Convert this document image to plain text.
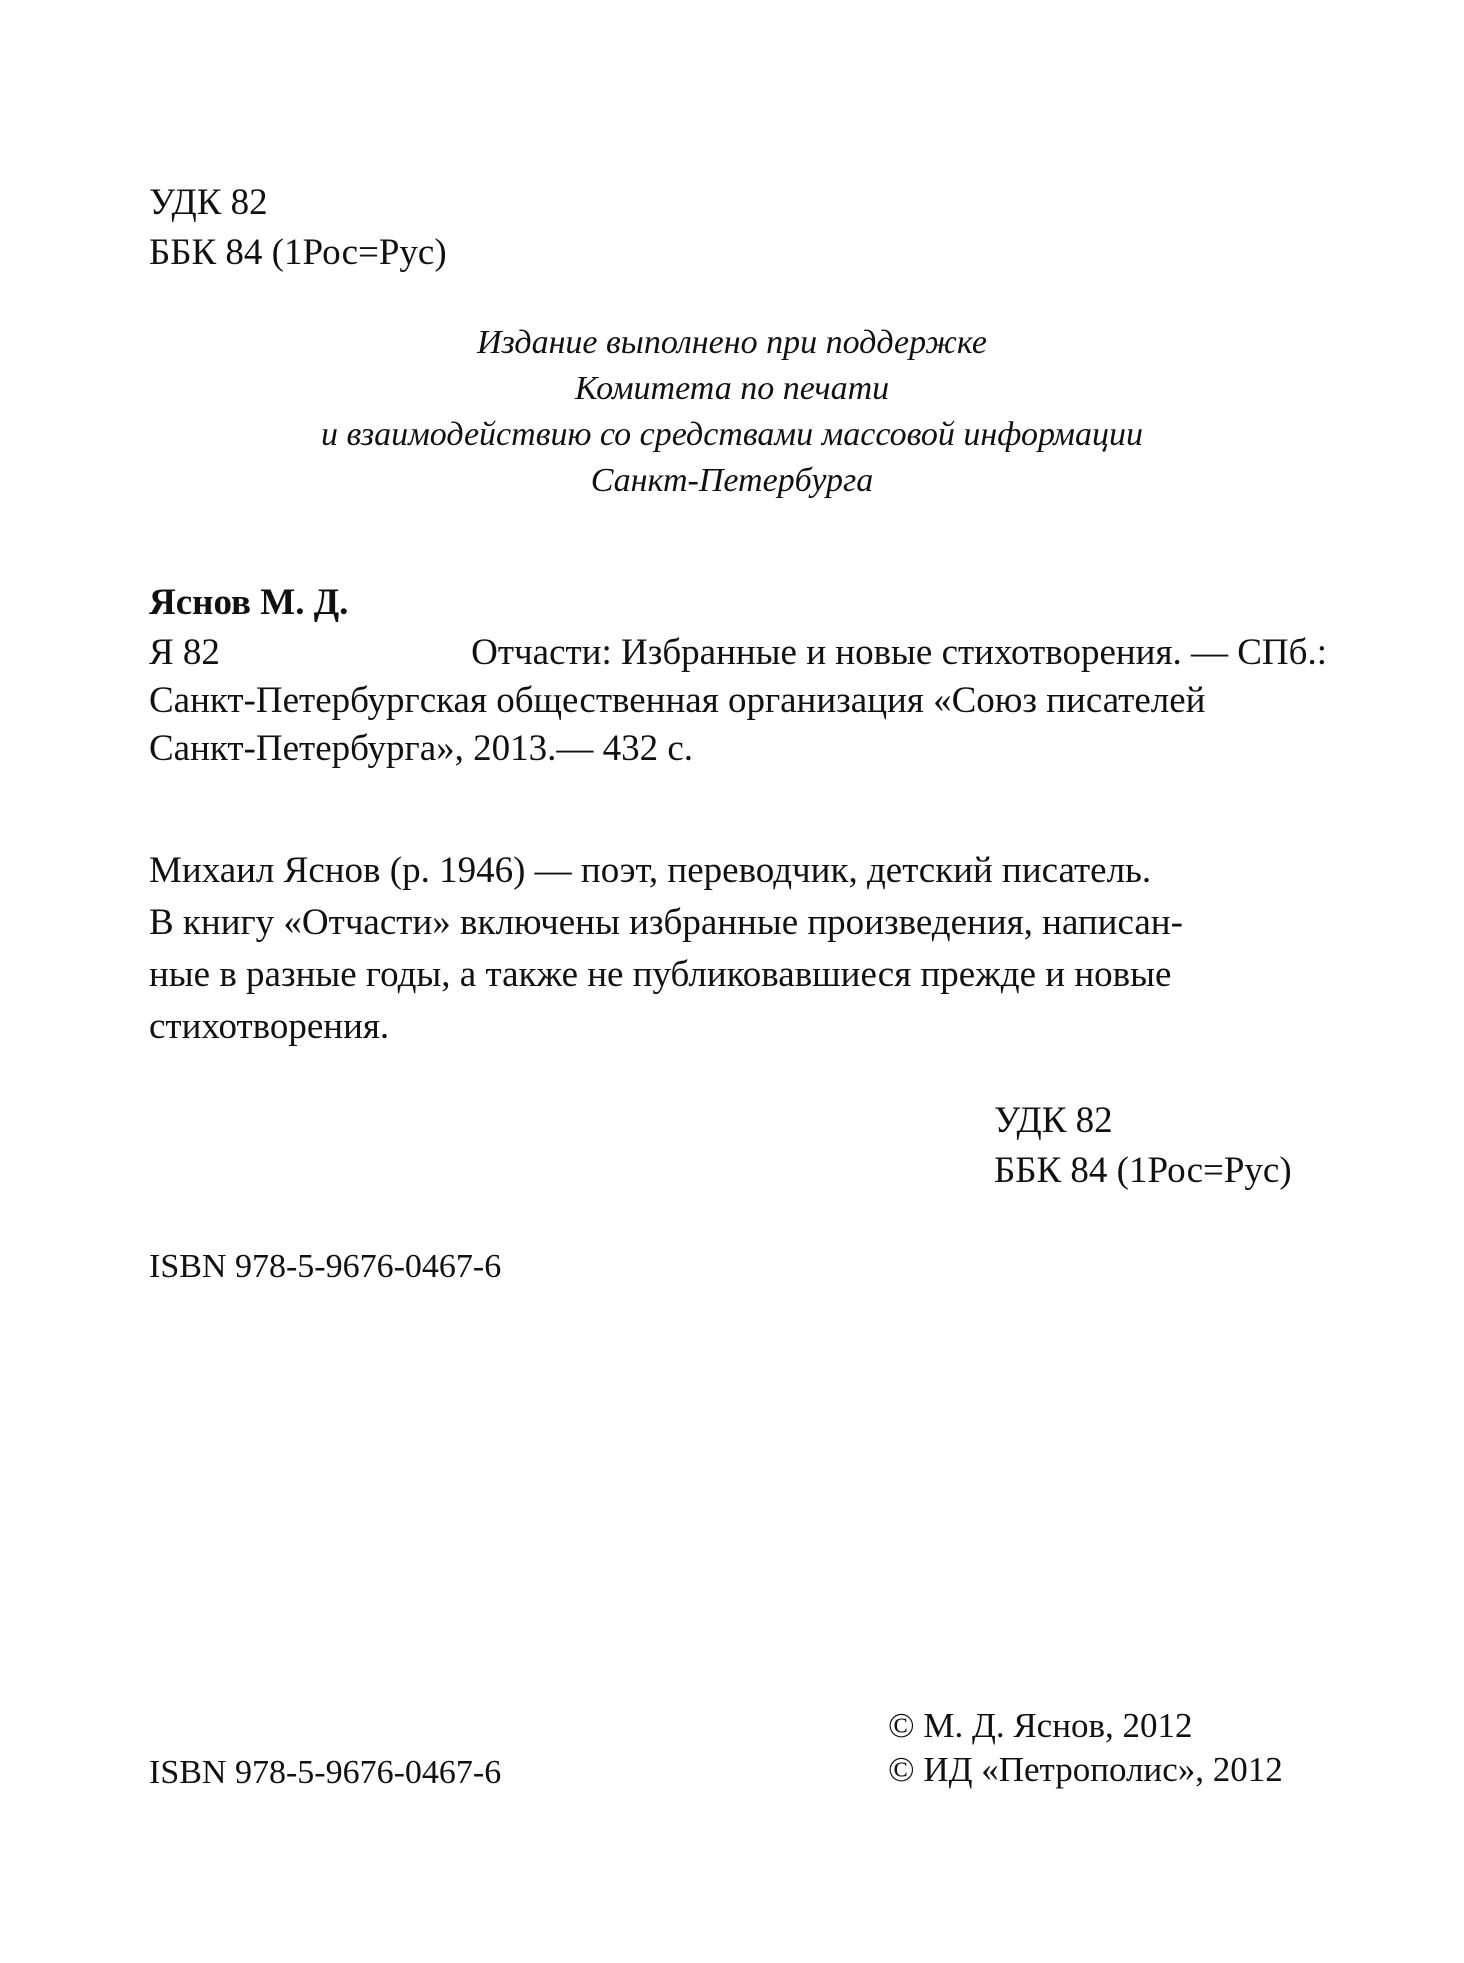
УДК 82
ББК 84 (1Рос=Рус)
Издание выполнено при поддержке
Комитета по печати
и взаимодействию со средствами массовой информации
Санкт-Петербурга
Яснов М. Д.
Я 82	Отчасти: Избранные и новые стихотворения. — СПб.:
Санкт-Петербургская общественная организация «Союз писателей
Санкт-Петербурга», 2013.— 432 с.
Михаил Яснов (р. 1946) — поэт, переводчик, детский писатель.
В книгу «Отчасти» включены избранные произведения, написан-
ные в разные годы, а также не публиковавшиеся прежде и новые
стихотворения.
УДК 82
ББК 84 (1Рос=Рус)
ISBN 978-5-9676-0467-6
© М. Д. Яснов, 2012
© ИД «Петрополис», 2012
ISBN 978-5-9676-0467-6
